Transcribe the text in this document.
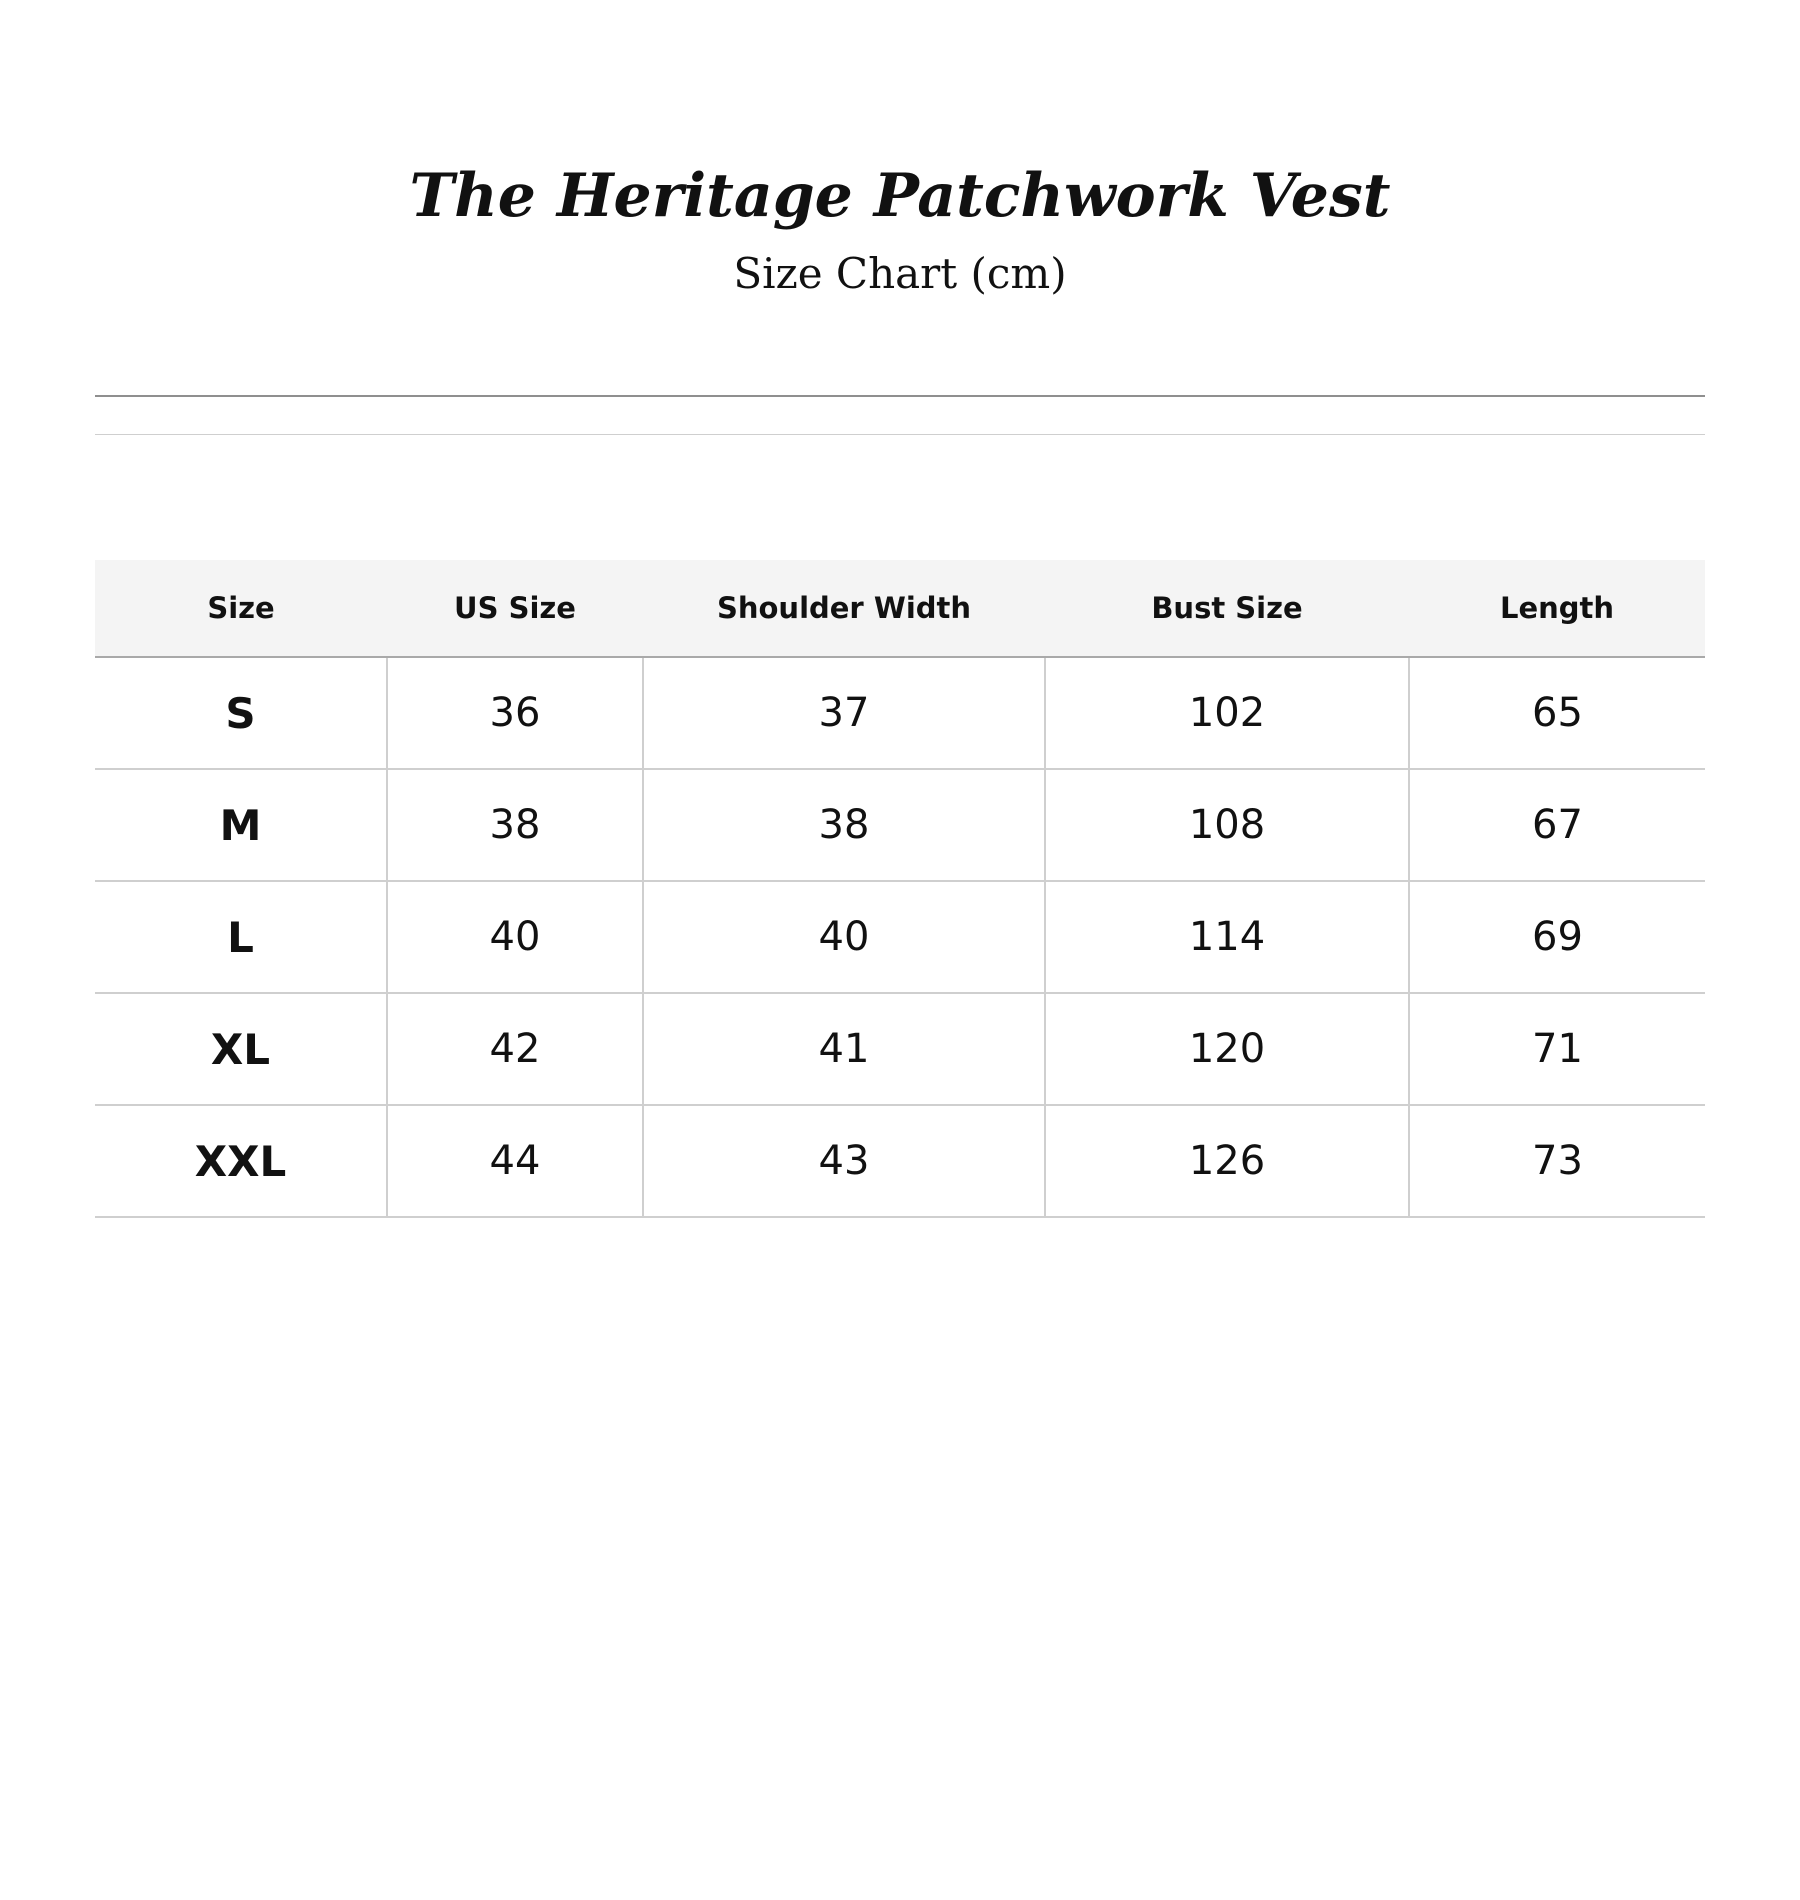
The Heritage Patchwork Vest
Size Chart (cm)
Size	US Size	Shoulder Width	Bust Size	Length
S	36	37	102	65
M	38	38	108	67
L	40	40	114	69
XL	42	41	120	71
XXL	44	43	126	73
